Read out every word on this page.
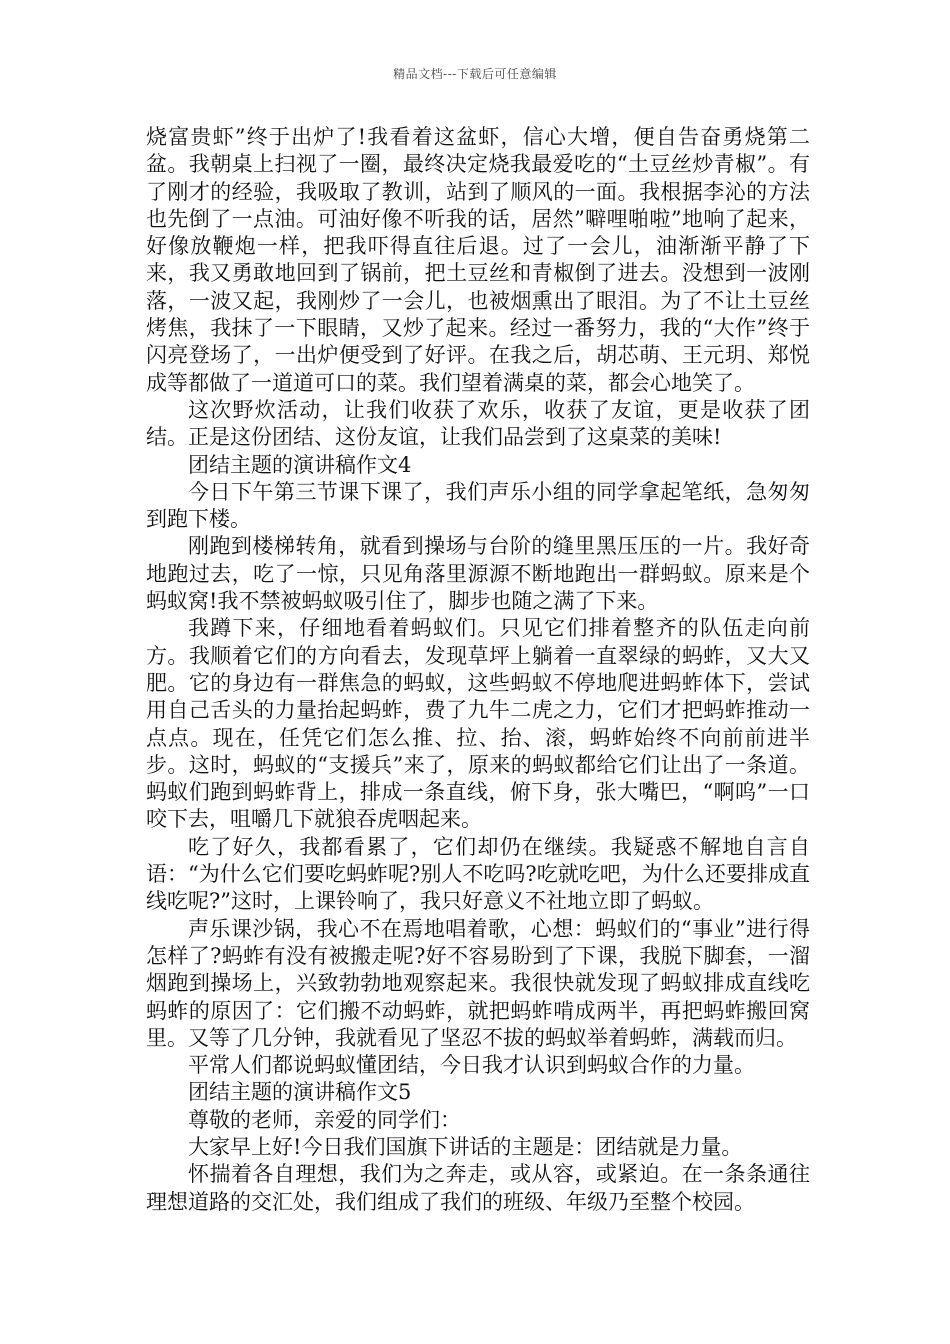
精品文档---下载后可任意编辑

烧富贵虾”终于出炉了!我看着这盆虾，信心大增，便自告奋勇烧第二盆。我朝桌上扫视了一圈，最终决定烧我最爱吃的“土豆丝炒青椒”。有了刚才的经验，我吸取了教训，站到了顺风的一面。我根据李沁的方法也先倒了一点油。可油好像不听我的话，居然”噼哩啪啦”地响了起来，好像放鞭炮一样，把我吓得直往后退。过了一会儿，油渐渐平静了下来，我又勇敢地回到了锅前，把土豆丝和青椒倒了进去。没想到一波刚落，一波又起，我刚炒了一会儿，也被烟熏出了眼泪。为了不让土豆丝烤焦，我抹了一下眼睛，又炒了起来。经过一番努力，我的“大作”终于闪亮登场了，一出炉便受到了好评。在我之后，胡芯萌、王元玥、郑悦成等都做了一道道可口的菜。我们望着满桌的菜，都会心地笑了。

这次野炊活动，让我们收获了欢乐，收获了友谊，更是收获了团结。正是这份团结、这份友谊，让我们品尝到了这桌菜的美味!

团结主题的演讲稿作文4

今日下午第三节课下课了，我们声乐小组的同学拿起笔纸，急匆匆到跑下楼。

刚跑到楼梯转角，就看到操场与台阶的缝里黑压压的一片。我好奇地跑过去，吃了一惊，只见角落里源源不断地跑出一群蚂蚁。原来是个蚂蚁窝!我不禁被蚂蚁吸引住了，脚步也随之满了下来。

我蹲下来，仔细地看着蚂蚁们。只见它们排着整齐的队伍走向前方。我顺着它们的方向看去，发现草坪上躺着一直翠绿的蚂蚱，又大又肥。它的身边有一群焦急的蚂蚁，这些蚂蚁不停地爬进蚂蚱体下，尝试用自己舌头的力量抬起蚂蚱，费了九牛二虎之力，它们才把蚂蚱推动一点点。现在，任凭它们怎么推、拉、抬、滚，蚂蚱始终不向前前进半步。这时，蚂蚁的“支援兵”来了，原来的蚂蚁都给它们让出了一条道。蚂蚁们跑到蚂蚱背上，排成一条直线，俯下身，张大嘴巴，“啊呜”一口咬下去，咀嚼几下就狼吞虎咽起来。

吃了好久，我都看累了，它们却仍在继续。我疑惑不解地自言自语：“为什么它们要吃蚂蚱呢?别人不吃吗?吃就吃吧，为什么还要排成直线吃呢?”这时，上课铃响了，我只好意义不社地立即了蚂蚁。

声乐课沙锅，我心不在焉地唱着歌，心想：蚂蚁们的“事业”进行得怎样了?蚂蚱有没有被搬走呢?好不容易盼到了下课，我脱下脚套，一溜烟跑到操场上，兴致勃勃地观察起来。我很快就发现了蚂蚁排成直线吃蚂蚱的原因了：它们搬不动蚂蚱，就把蚂蚱啃成两半，再把蚂蚱搬回窝里。又等了几分钟，我就看见了坚忍不拔的蚂蚁举着蚂蚱，满载而归。

平常人们都说蚂蚁懂团结，今日我才认识到蚂蚁合作的力量。

团结主题的演讲稿作文5

尊敬的老师，亲爱的同学们：

大家早上好!今日我们国旗下讲话的主题是：团结就是力量。

怀揣着各自理想，我们为之奔走，或从容，或紧迫。在一条条通往理想道路的交汇处，我们组成了我们的班级、年级乃至整个校园。
